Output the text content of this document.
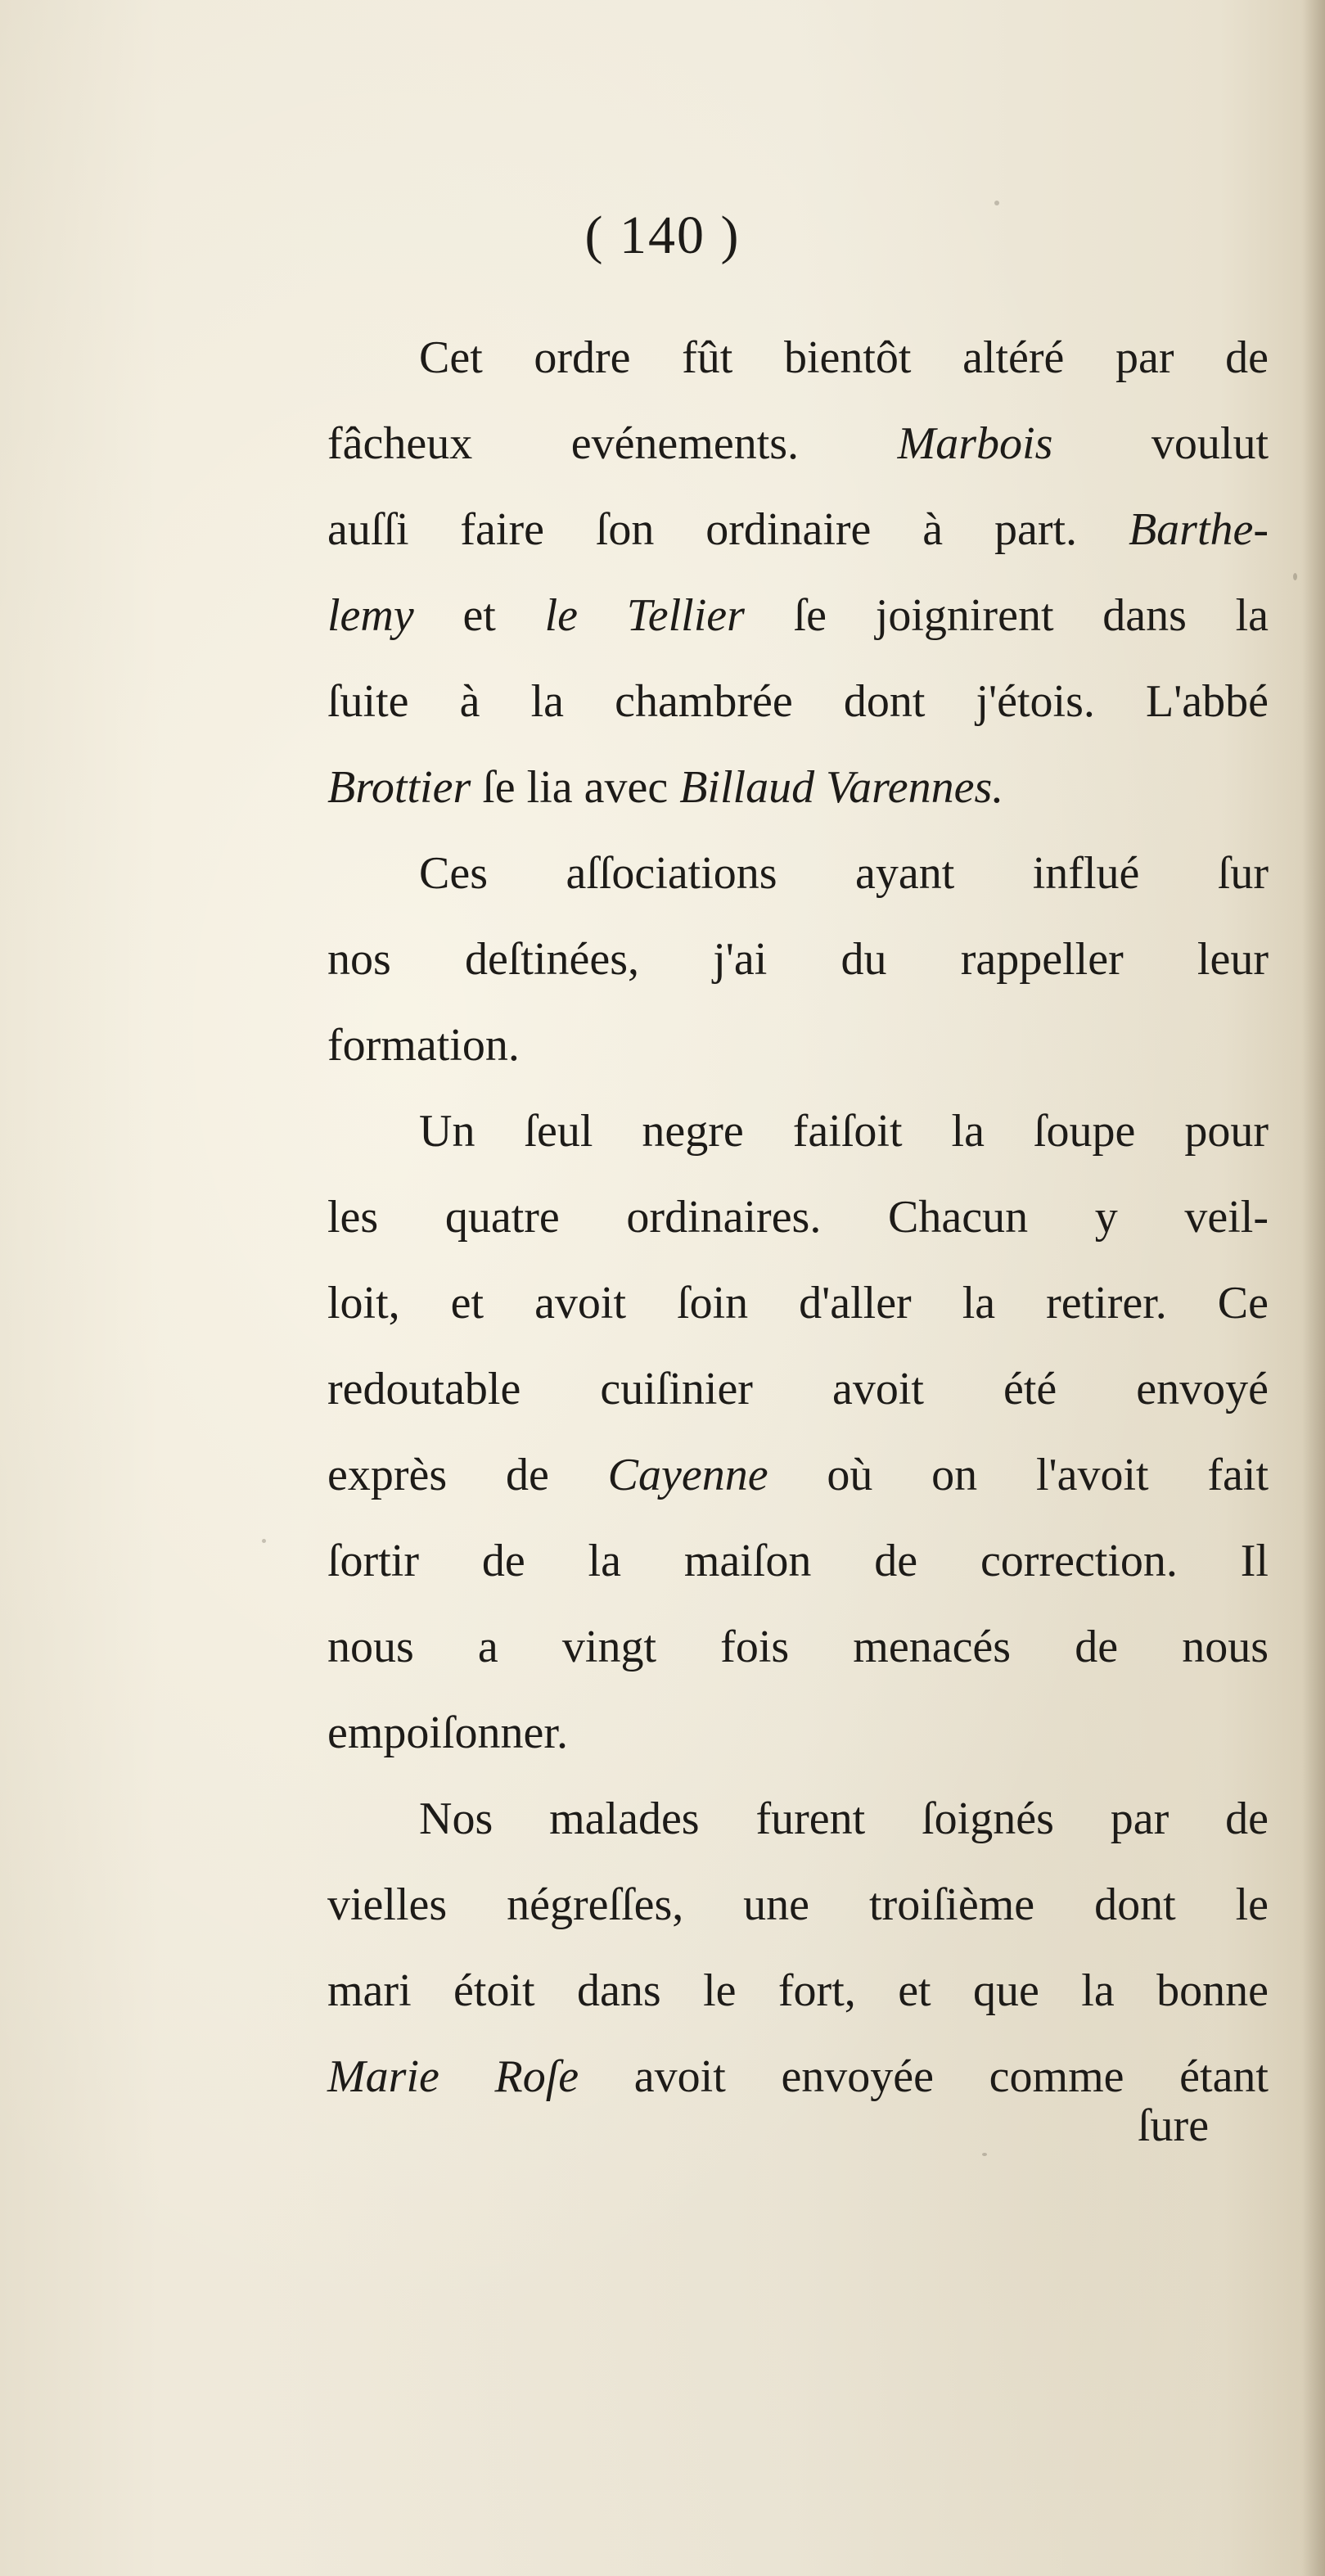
( 140 )
Cet ordre fût bientôt altéré par de
fâcheux evénements. Marbois voulut
auſſi faire ſon ordinaire à part. Barthe-
lemy et le Tellier ſe joignirent dans la
ſuite à la chambrée dont j'étois. L'abbé
Brottier ſe lia avec Billaud Varennes.
Ces aſſociations ayant influé ſur
nos deſtinées, j'ai du rappeller leur
formation.
Un ſeul negre faiſoit la ſoupe pour
les quatre ordinaires. Chacun y veil-
loit, et avoit ſoin d'aller la retirer. Ce
redoutable cuiſinier avoit été envoyé
exprès de Cayenne où on l'avoit fait
ſortir de la maiſon de correction. Il
nous a vingt fois menacés de nous
empoiſonner.
Nos malades furent ſoignés par de
vielles négreſſes, une troiſième dont le
mari étoit dans le fort, et que la bonne
Marie Roſe avoit envoyée comme étant
ſure
